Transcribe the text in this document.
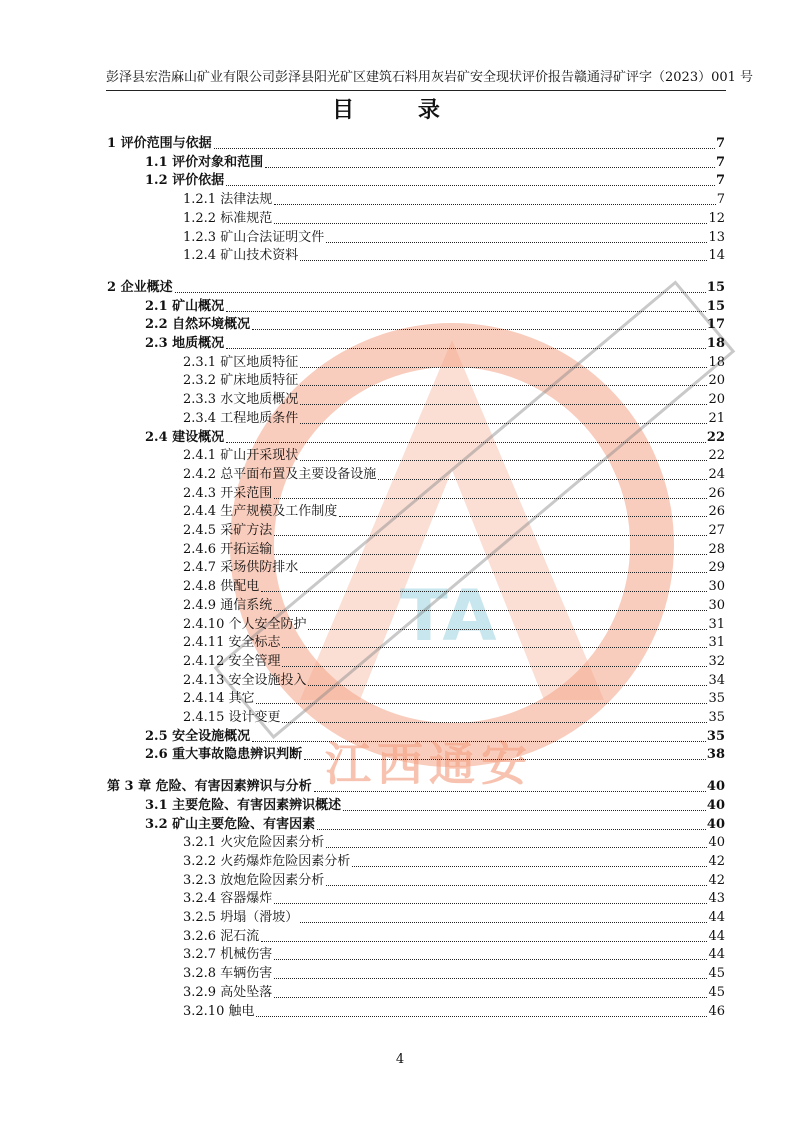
彭泽县宏浩麻山矿业有限公司彭泽县阳光矿区建筑石料用灰岩矿安全现状评价报告 赣通浔矿评字（2023）001 号
目 录
TA
江西通安
1 评价范围与依据	7
1.1 评价对象和范围	7
1.2 评价依据	7
1.2.1 法律法规	7
1.2.2 标准规范	12
1.2.3 矿山合法证明文件	13
1.2.4 矿山技术资料	14
2 企业概述	15
2.1 矿山概况	15
2.2 自然环境概况	17
2.3 地质概况	18
2.3.1 矿区地质特征	18
2.3.2 矿床地质特征	20
2.3.3 水文地质概况	20
2.3.4 工程地质条件	21
2.4 建设概况	22
2.4.1 矿山开采现状	22
2.4.2 总平面布置及主要设备设施	24
2.4.3 开采范围	26
2.4.4 生产规模及工作制度	26
2.4.5 采矿方法	27
2.4.6 开拓运输	28
2.4.7 采场供防排水	29
2.4.8 供配电	30
2.4.9 通信系统	30
2.4.10 个人安全防护	31
2.4.11 安全标志	31
2.4.12 安全管理	32
2.4.13 安全设施投入	34
2.4.14 其它	35
2.4.15 设计变更	35
2.5 安全设施概况	35
2.6 重大事故隐患辨识判断	38
第 3 章 危险、有害因素辨识与分析	40
3.1 主要危险、有害因素辨识概述	40
3.2 矿山主要危险、有害因素	40
3.2.1 火灾危险因素分析	40
3.2.2 火药爆炸危险因素分析	42
3.2.3 放炮危险因素分析	42
3.2.4 容器爆炸	43
3.2.5 坍塌（滑坡）	44
3.2.6 泥石流	44
3.2.7 机械伤害	44
3.2.8 车辆伤害	45
3.2.9 高处坠落	45
3.2.10 触电	46
4
